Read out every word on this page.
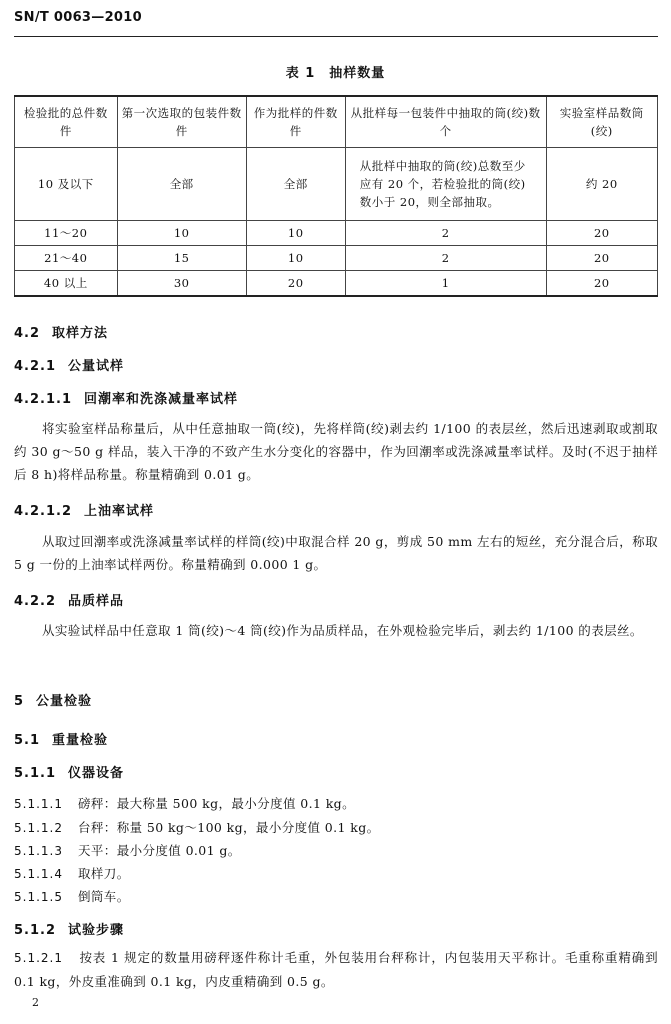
SN/T 0063—2010
表 1　抽样数量
检验批的总件数件	第一次选取的包装件数件	作为批样的件数件	从批样每一包装件中抽取的筒(绞)数个	实验室样品数筒(绞)
10 及以下	全部	全部	从批样中抽取的筒(绞)总数至少应有 20 个，若检验批的筒(绞)数小于 20，则全部抽取。	约 20
11～20	10	10	2	20
21～40	15	10	2	20
40 以上	30	20	1	20
4.2 取样方法
4.2.1 公量试样
4.2.1.1 回潮率和洗涤减量率试样
将实验室样品称量后，从中任意抽取一筒(绞)，先将样筒(绞)剥去约 1/100 的表层丝，然后迅速剥取或割取约 30 g～50 g 样品，装入干净的不致产生水分变化的容器中，作为回潮率或洗涤减量率试样。及时(不迟于抽样后 8 h)将样品称量。称量精确到 0.01 g。
4.2.1.2 上油率试样
从取过回潮率或洗涤减量率试样的样筒(绞)中取混合样 20 g，剪成 50 mm 左右的短丝，充分混合后，称取 5 g 一份的上油率试样两份。称量精确到 0.000 1 g。
4.2.2 品质样品
从实验试样品中任意取 1 筒(绞)～4 筒(绞)作为品质样品，在外观检验完毕后，剥去约 1/100 的表层丝。
5 公量检验
5.1 重量检验
5.1.1 仪器设备
5.1.1.1 磅秤：最大称量 500 kg，最小分度值 0.1 kg。
5.1.1.2 台秤：称量 50 kg～100 kg，最小分度值 0.1 kg。
5.1.1.3 天平：最小分度值 0.01 g。
5.1.1.4 取样刀。
5.1.1.5 倒筒车。
5.1.2 试验步骤
5.1.2.1 按表 1 规定的数量用磅秤逐件称计毛重，外包装用台秤称计，内包装用天平称计。毛重称重精确到 0.1 kg，外皮重准确到 0.1 kg，内皮重精确到 0.5 g。
2
